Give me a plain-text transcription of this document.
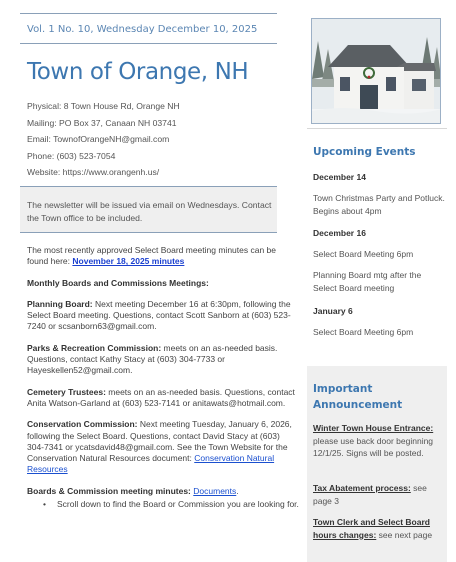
Vol. 1 No. 10, Wednesday December 10, 2025
Town of Orange, NH
Physical: 8 Town House Rd, Orange NH
Mailing: PO Box 37, Canaan NH 03741
Email: TownofOrangeNH@gmail.com
Phone: (603) 523-7054
Website: https://www.orangenh.us/

The newsletter will be issued via email on Wednesdays. Contact the Town office to be included.

The most recently approved Select Board meeting minutes can be found here: November 18, 2025 minutes

Monthly Boards and Commissions Meetings:

Planning Board: Next meeting December 16 at 6:30pm, following the Select Board meeting. Questions, contact Scott Sanborn at (603) 523-7240 or scsanborn63@gmail.com.

Parks & Recreation Commission: meets on an as-needed basis. Questions, contact Kathy Stacy at (603) 304-7733 or Hayeskellen52@gmail.com.

Cemetery Trustees: meets on an as-needed basis. Questions, contact Anita Watson-Garland at (603) 523-7141 or anitawats@hotmail.com.

Conservation Commission: Next meeting Tuesday, January 6, 2026, following the Select Board. Questions, contact David Stacy at (603) 304-7341 or ycatsdavid48@gmail.com. See the Town Website for the Conservation Natural Resources document: Conservation Natural Resources

Boards & Commission meeting minutes: Documents.
• Scroll down to find the Board or Commission you are looking for.
Upcoming Events
December 14
Town Christmas Party and Potluck. Begins about 4pm
December 16
Select Board Meeting 6pm
Planning Board mtg after the Select Board meeting
January 6
Select Board Meeting 6pm
Important Announcement
Winter Town House Entrance: please use back door beginning 12/1/25. Signs will be posted.
Tax Abatement process: see page 3
Town Clerk and Select Board hours changes: see next page
